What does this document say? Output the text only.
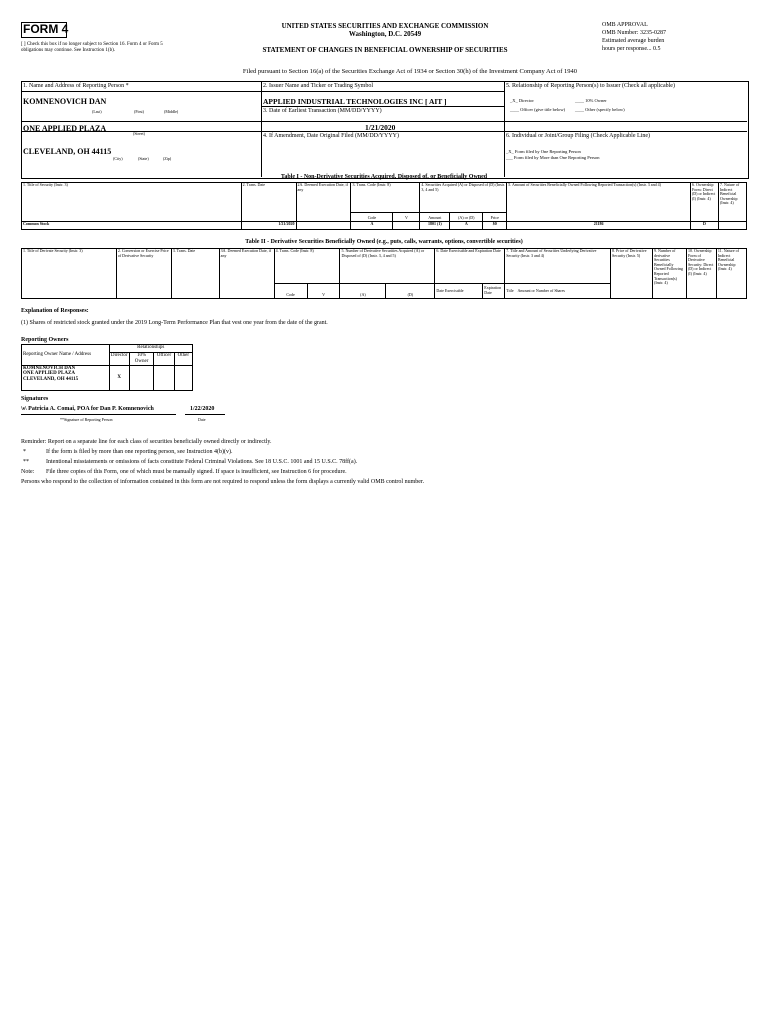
FORM 4
[ ] Check this box if no longer subject to Section 16. Form 4 or Form 5 obligations may continue. See Instruction 1(b).
UNITED STATES SECURITIES AND EXCHANGE COMMISSION
Washington, D.C. 20549
STATEMENT OF CHANGES IN BENEFICIAL OWNERSHIP OF SECURITIES
OMB APPROVAL
OMB Number: 3235-0287
Estimated average burden
hours per response... 0.5
Filed pursuant to Section 16(a) of the Securities Exchange Act of 1934 or Section 30(h) of the Investment Company Act of 1940
1. Name and Address of Reporting Person *
KOMNENOVICH DAN
(Last)	(First)	(Middle)
ONE APPLIED PLAZA
(Street)
CLEVELAND, OH 44115
(City)	(State)	(Zip)
2. Issuer Name and Ticker or Trading Symbol
APPLIED INDUSTRIAL TECHNOLOGIES INC [ AIT ]
3. Date of Earliest Transaction (MM/DD/YYYY)
1/21/2020
4. If Amendment, Date Original Filed (MM/DD/YYYY)
5. Relationship of Reporting Person(s) to Issuer (Check all applicable)
_X_ Director	____ 10% Owner
____ Officer (give title below) ____ Other (specify below)
6. Individual or Joint/Group Filing (Check Applicable Line)
_X_ Form filed by One Reporting Person
___ Form filed by More than One Reporting Person
Table I - Non-Derivative Securities Acquired, Disposed of, or Beneficially Owned
1. Title of Security (Instr. 3)	2. Trans. Date	2A. Deemed Execution Date, if any	3. Trans. Code (Instr. 8)		4. Securities Acquired (A) or Disposed of (D) (Instr. 3, 4 and 5)			5. Amount of Securities Beneficially Owned Following Reported Transaction(s) (Instr. 3 and 4)	6. Ownership Form: Direct (D) or Indirect (I) (Instr. 4)	7. Nature of Indirect Beneficial Ownership (Instr. 4)
			Code	V	Amount	(A) or (D)	Price			
Common Stock	1/21/2020		A		1801 (1)	A	$0	21186	D	
Table II - Derivative Securities Beneficially Owned (e.g., puts, calls, warrants, options, convertible securities)
1. Title of Derivate Security (Instr. 3)	2. Conversion or Exercise Price of Derivative Security	3. Trans. Date	3A. Deemed Execution Date, if any	4. Trans. Code (Instr. 8)		5. Number of Derivative Securities Acquired (A) or Disposed of (D) (Instr. 3, 4 and 5)		6. Date Exercisable and Expiration Date		7. Title and Amount of Securities Underlying Derivative Security (Instr. 3 and 4)	8. Price of Derivative Security (Instr. 5)	9. Number of derivative Securities Beneficially Owned Following Reported Transaction(s) (Instr. 4)	10. Ownership Form of Derivative Security: Direct (D) or Indirect (I) (Instr. 4)	11. Nature of Indirect Beneficial Ownership (Instr. 4)
				Code	V	(A)	(D)	Date Exercisable	Expiration Date	Title Amount or Number of Shares				
Explanation of Responses:
(1) Shares of restricted stock granted under the 2019 Long-Term Performance Plan that vest one year from the date of the grant.
Reporting Owners
Reporting Owner Name / Address	Relationships			
	Director	10% Owner	Officer	Other

KOMNENOVICH DAN
ONE APPLIED PLAZA
CLEVELAND, OH 44115	X			
Signatures
\s\ Patricia A. Comai, POA for Dan P. Komnenovich	1/22/2020
**Signature of Reporting Person	Date
Reminder: Report on a separate line for each class of securities beneficially owned directly or indirectly.
*	If the form is filed by more than one reporting person, see Instruction 4(b)(v).
**	Intentional misstatements or omissions of facts constitute Federal Criminal Violations. See 18 U.S.C. 1001 and 15 U.S.C. 78ff(a).
Note: File three copies of this Form, one of which must be manually signed. If space is insufficient, see Instruction 6 for procedure.
Persons who respond to the collection of information contained in this form are not required to respond unless the form displays a currently valid OMB control number.
